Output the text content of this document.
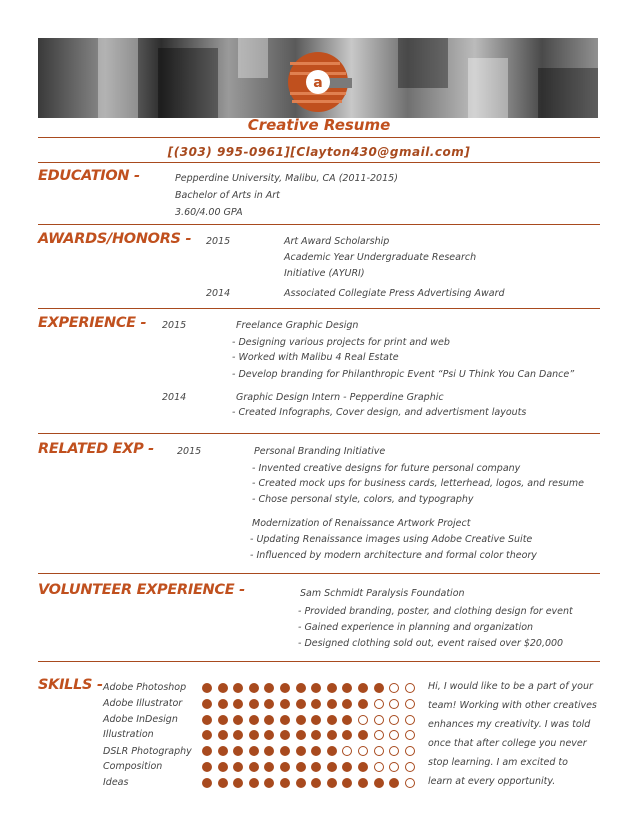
a
Creative Resume
[(303) 995-0961][Clayton430@gmail.com]
EDUCATION -	Pepperdine University, Malibu, CA (2011-2015)
Bachelor of Arts in Art
3.60/4.00 GPA
AWARDS/HONORS - 2015	Art Award Scholarship
Academic Year Undergraduate Research
Initiative (AYURI)
2014	Associated Collegiate Press Advertising Award
EXPERIENCE - 2015	Freelance Graphic Design
- Designing various projects for print and web
- Worked with Malibu 4 Real Estate
- Develop branding for Philanthropic Event “Psi U Think You Can Dance”
2014	Graphic Design Intern - Pepperdine Graphic
- Created Infographs, Cover design, and advertisment layouts
RELATED EXP - 2015	Personal Branding Initiative
- Invented creative designs for future personal company
- Created mock ups for business cards, letterhead, logos, and resume
- Chose personal style, colors, and typography
Modernization of Renaissance Artwork Project
- Updating Renaissance images using Adobe Creative Suite
- Influenced by modern architecture and formal color theory
VOLUNTEER EXPERIENCE -	Sam Schmidt Paralysis Foundation
- Provided branding, poster, and clothing design for event
- Gained experience in planning and organization
- Designed clothing sold out, event raised over $20,000
SKILLS - Adobe Photoshop
Adobe Illustrator
Adobe InDesign
Illustration
DSLR Photography
Composition
Ideas
Hi, I would like to be a part of your
team! Working with other creatives
enhances my creativity. I was told
once that after college you never
stop learning. I am excited to
learn at every opportunity.
